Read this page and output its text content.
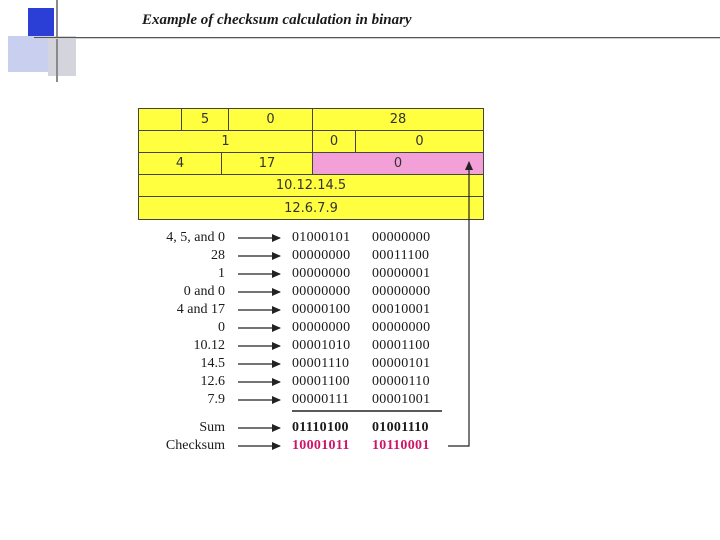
Example of checksum calculation in binary
5	0	28
1	0	0
4	17	0
10.12.14.5
12.6.7.9
4, 5, and 0	01000101 00000000
28	00000000 00011100
1	00000000 00000001
0 and 0	00000000 00000000
4 and 17	00000100 00010001
0	00000000 00000000
10.12	00001010 00001100
14.5	00001110 00000101
12.6	00001100 00000110
7.9	00000111 00001001
Sum	01110100 01001110
Checksum	10001011 10110001
